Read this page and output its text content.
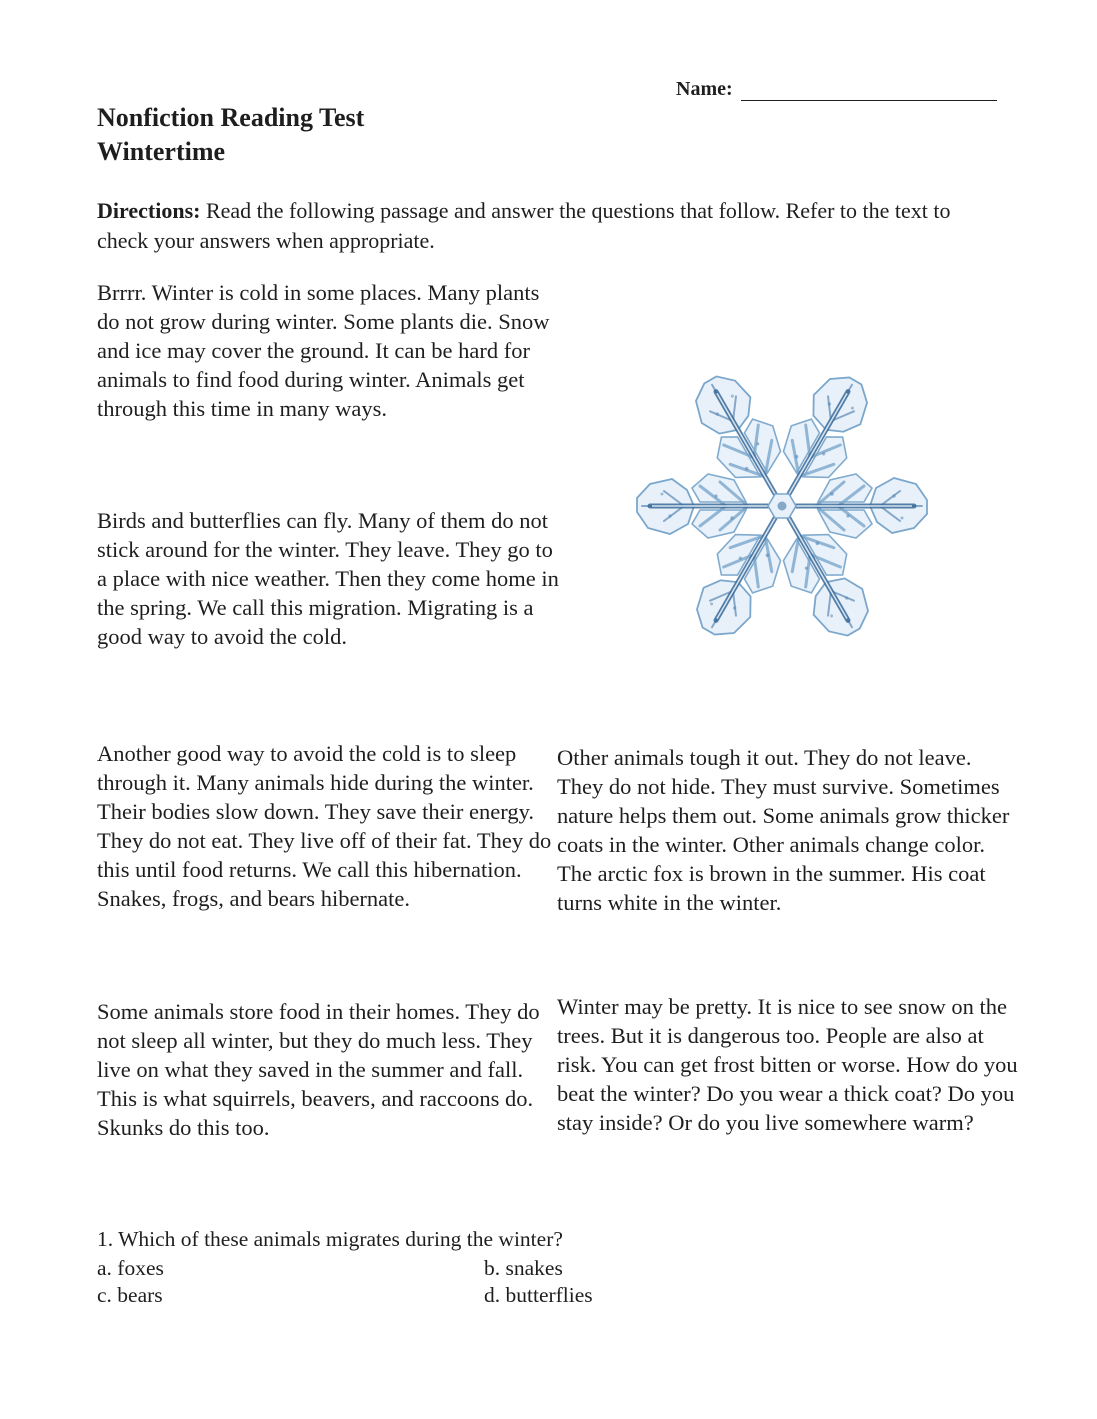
Name:
Nonfiction Reading Test
Wintertime
Directions: Read the following passage and answer the questions that follow. Refer to the text to check your answers when appropriate.
Brrrr. Winter is cold in some places. Many plants do not grow during winter. Some plants die. Snow and ice may cover the ground. It can be hard for animals to find food during winter. Animals get through this time in many ways.
Birds and butterflies can fly. Many of them do not stick around for the winter. They leave. They go to a place with nice weather. Then they come home in the spring. We call this migration. Migrating is a good way to avoid the cold.
Another good way to avoid the cold is to sleep through it. Many animals hide during the winter. Their bodies slow down. They save their energy. They do not eat. They live off of their fat. They do this until food returns. We call this hibernation. Snakes, frogs, and bears hibernate.
Some animals store food in their homes. They do not sleep all winter, but they do much less. They live on what they saved in the summer and fall. This is what squirrels, beavers, and raccoons do. Skunks do this too.
Other animals tough it out. They do not leave. They do not hide. They must survive. Sometimes nature helps them out. Some animals grow thicker coats in the winter. Other animals change color. The arctic fox is brown in the summer. His coat turns white in the winter.
Winter may be pretty. It is nice to see snow on the trees. But it is dangerous too. People are also at risk. You can get frost bitten or worse. How do you beat the winter? Do you wear a thick coat? Do you stay inside? Or do you live somewhere warm?
1. Which of these animals migrates during the winter?
a. foxes	b. snakes
c. bears	d. butterflies
